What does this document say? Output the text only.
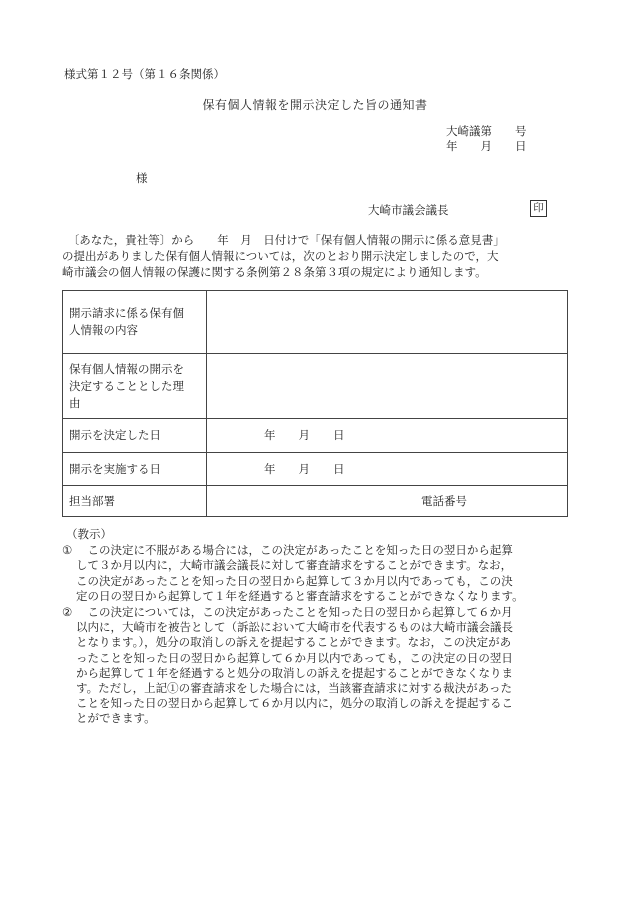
様式第１２号（第１６条関係）
保有個人情報を開示決定した旨の通知書
大崎議第　　号
年　　月　　日
様
大崎市議会議長	印
　〔あなた，貴社等〕から　　年　月　日付けで「保有個人情報の開示に係る意見書」
の提出がありました保有個人情報については，次のとおり開示決定しましたので，大
崎市議会の個人情報の保護に関する条例第２８条第３項の規定により通知します。
開示請求に係る保有個
人情報の内容	
保有個人情報の開示を
決定することとした理
由	
開示を決定した日	年　　月　　日
開示を実施する日	年　　月　　日
担当部署	電話番号
（教示）
① 　この決定に不服がある場合には，この決定があったことを知った日の翌日から起算
して３か月以内に，大崎市議会議長に対して審査請求をすることができます。なお，
この決定があったことを知った日の翌日から起算して３か月以内であっても，この決
定の日の翌日から起算して１年を経過すると審査請求をすることができなくなります。
② 　この決定については，この決定があったことを知った日の翌日から起算して６か月
以内に，大崎市を被告として（訴訟において大崎市を代表するものは大崎市議会議長
となります。），処分の取消しの訴えを提起することができます。なお，この決定があ
ったことを知った日の翌日から起算して６か月以内であっても，この決定の日の翌日
から起算して１年を経過すると処分の取消しの訴えを提起することができなくなりま
す。ただし，上記①の審査請求をした場合には，当該審査請求に対する裁決があった
ことを知った日の翌日から起算して６か月以内に，処分の取消しの訴えを提起するこ
とができます。
